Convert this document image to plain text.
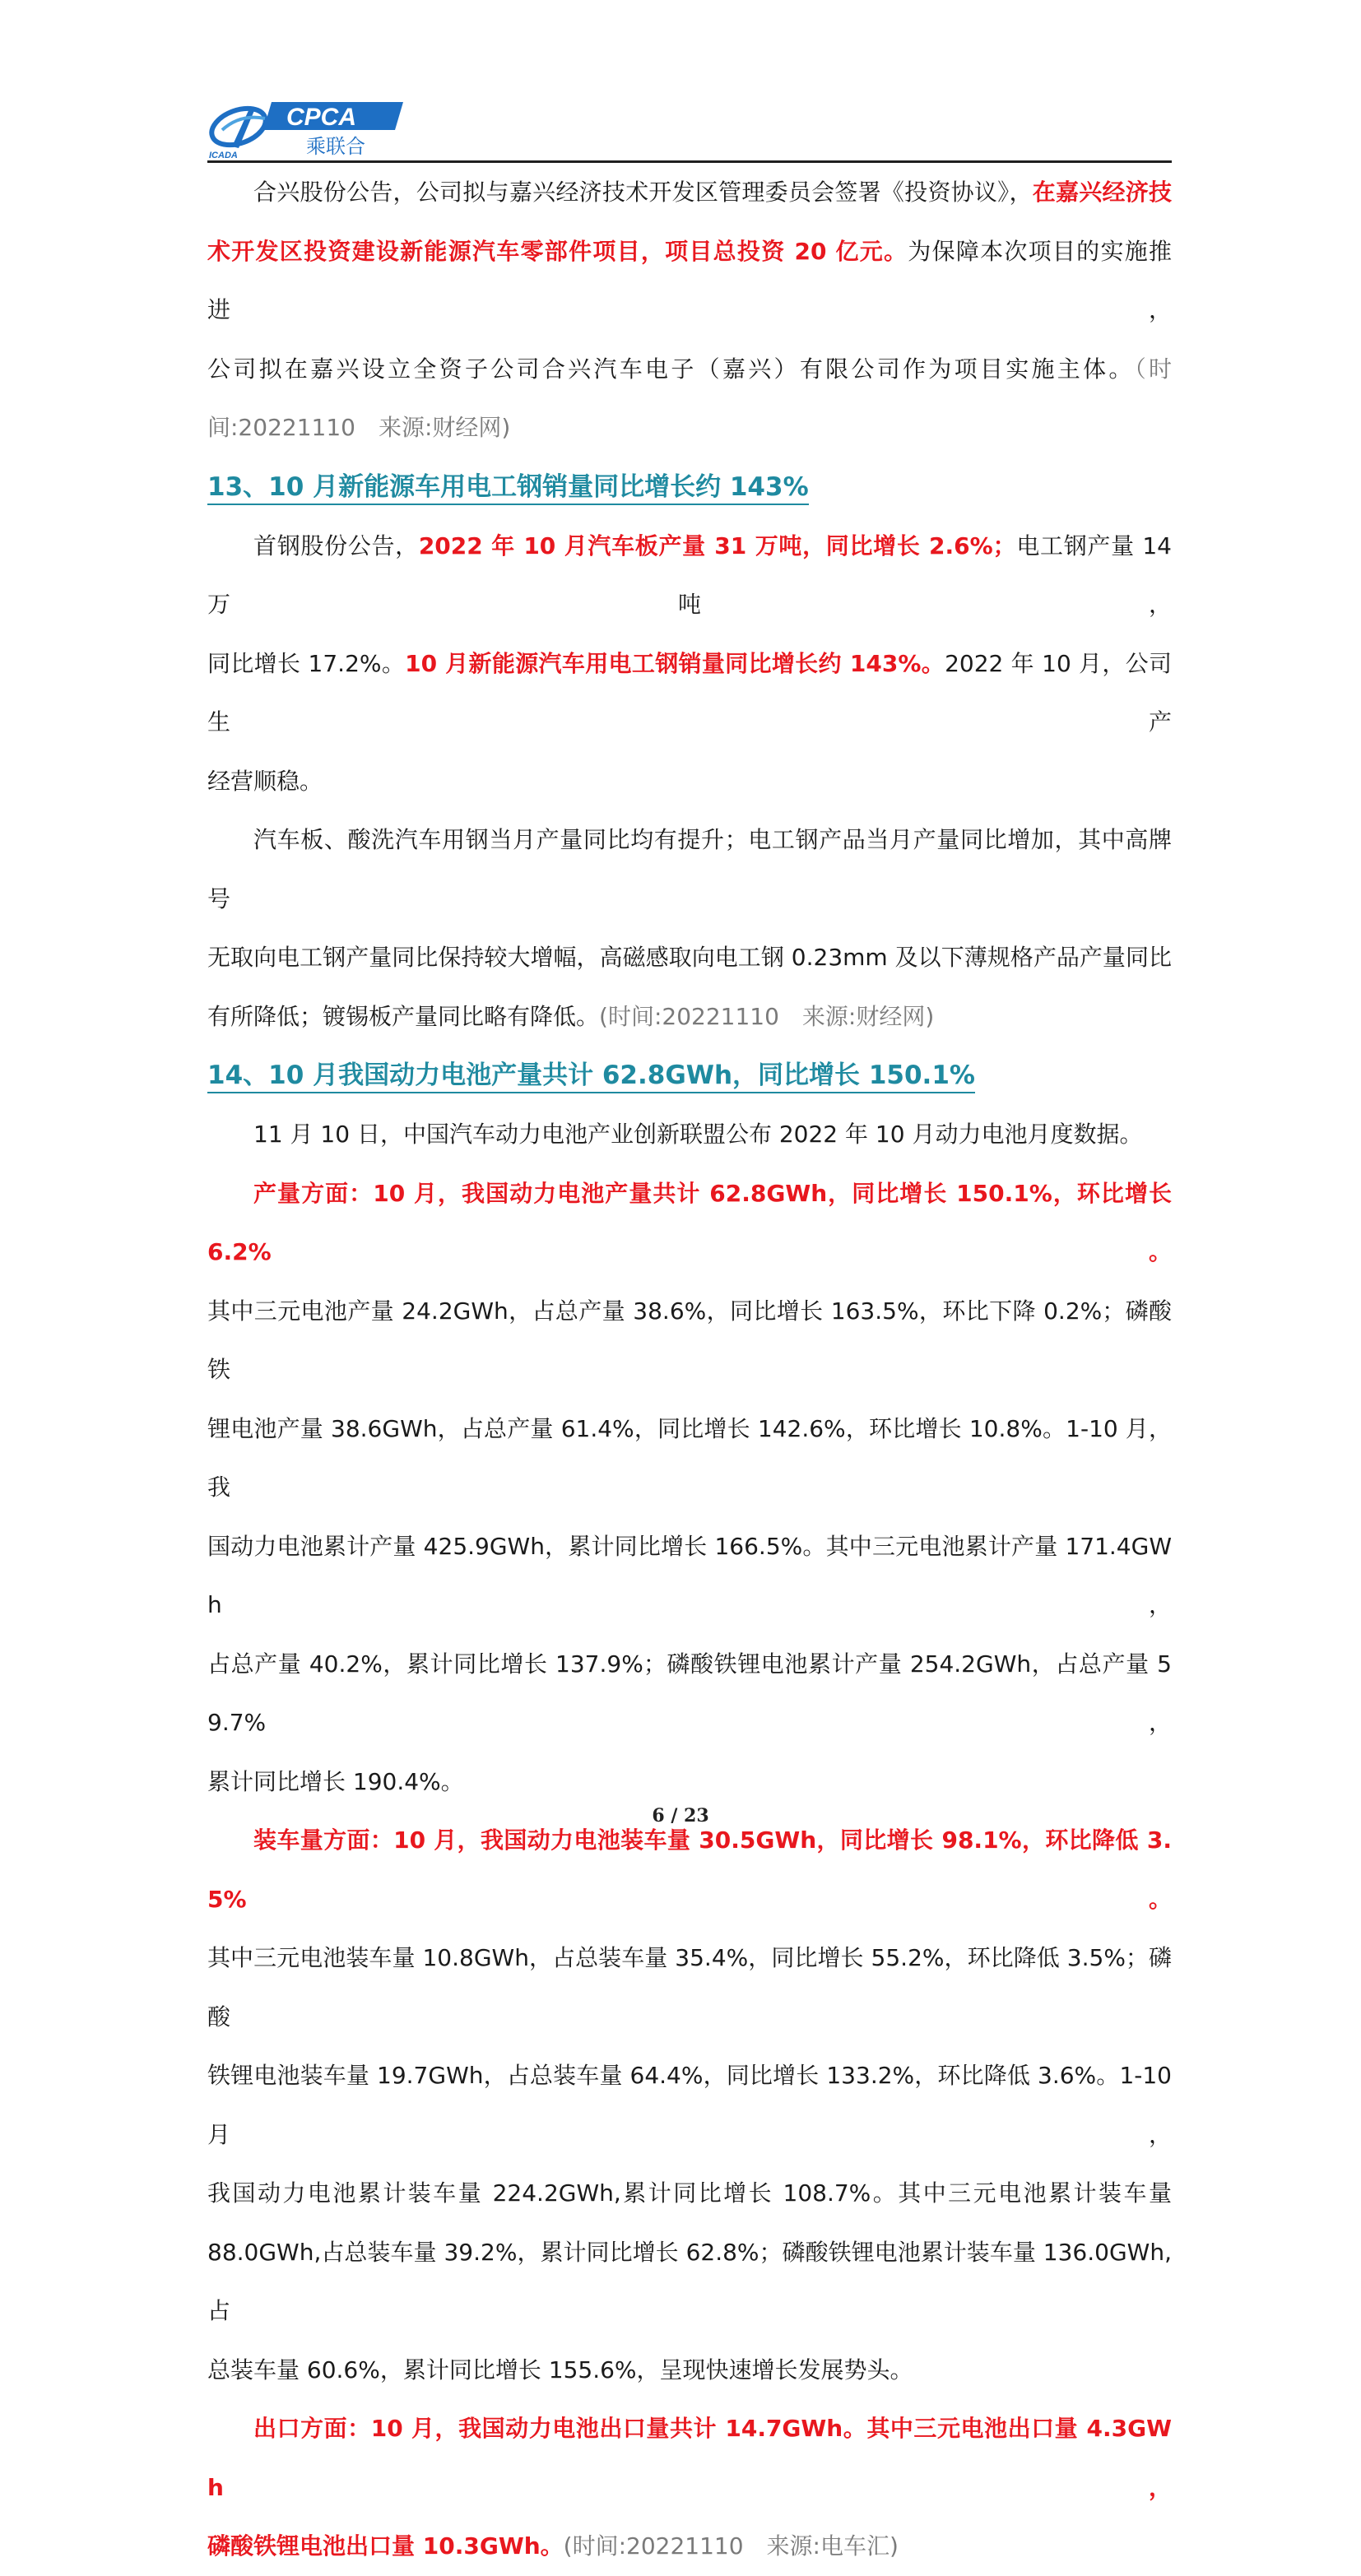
CPCA
乘联合
ICADA

合兴股份公告，公司拟与嘉兴经济技术开发区管理委员会签署《投资协议》，在嘉兴经济技

术开发区投资建设新能源汽车零部件项目，项目总投资 20 亿元。为保障本次项目的实施推进，

公司拟在嘉兴设立全资子公司合兴汽车电子（嘉兴）有限公司作为项目实施主体。（时

间:20221110　来源:财经网)

13、10 月新能源车用电工钢销量同比增长约 143%

首钢股份公告，2022 年 10 月汽车板产量 31 万吨，同比增长 2.6%；电工钢产量 14 万吨，

同比增长 17.2%。10 月新能源汽车用电工钢销量同比增长约 143%。2022 年 10 月，公司生产

经营顺稳。

汽车板、酸洗汽车用钢当月产量同比均有提升；电工钢产品当月产量同比增加，其中高牌号

无取向电工钢产量同比保持较大增幅，高磁感取向电工钢 0.23mm 及以下薄规格产品产量同比

有所降低；镀锡板产量同比略有降低。(时间:20221110　来源:财经网)

14、10 月我国动力电池产量共计 62.8GWh，同比增长 150.1%

11 月 10 日，中国汽车动力电池产业创新联盟公布 2022 年 10 月动力电池月度数据。

产量方面：10 月，我国动力电池产量共计 62.8GWh，同比增长 150.1%，环比增长 6.2%。

其中三元电池产量 24.2GWh，占总产量 38.6%，同比增长 163.5%，环比下降 0.2%；磷酸铁

锂电池产量 38.6GWh，占总产量 61.4%，同比增长 142.6%，环比增长 10.8%。1-10 月，我

国动力电池累计产量 425.9GWh，累计同比增长 166.5%。其中三元电池累计产量 171.4GWh，

占总产量 40.2%，累计同比增长 137.9%；磷酸铁锂电池累计产量 254.2GWh，占总产量 59.7%，

累计同比增长 190.4%。

装车量方面：10 月，我国动力电池装车量 30.5GWh，同比增长 98.1%，环比降低 3.5%。

其中三元电池装车量 10.8GWh，占总装车量 35.4%，同比增长 55.2%，环比降低 3.5%；磷酸

铁锂电池装车量 19.7GWh，占总装车量 64.4%，同比增长 133.2%，环比降低 3.6%。1-10 月，

我国动力电池累计装车量 224.2GWh,累计同比增长 108.7%。其中三元电池累计装车量

88.0GWh,占总装车量 39.2%，累计同比增长 62.8%；磷酸铁锂电池累计装车量 136.0GWh,占

总装车量 60.6%，累计同比增长 155.6%，呈现快速增长发展势头。

出口方面：10 月，我国动力电池出口量共计 14.7GWh。其中三元电池出口量 4.3GWh，

磷酸铁锂电池出口量 10.3GWh。(时间:20221110　来源:电车汇)

6 / 23
